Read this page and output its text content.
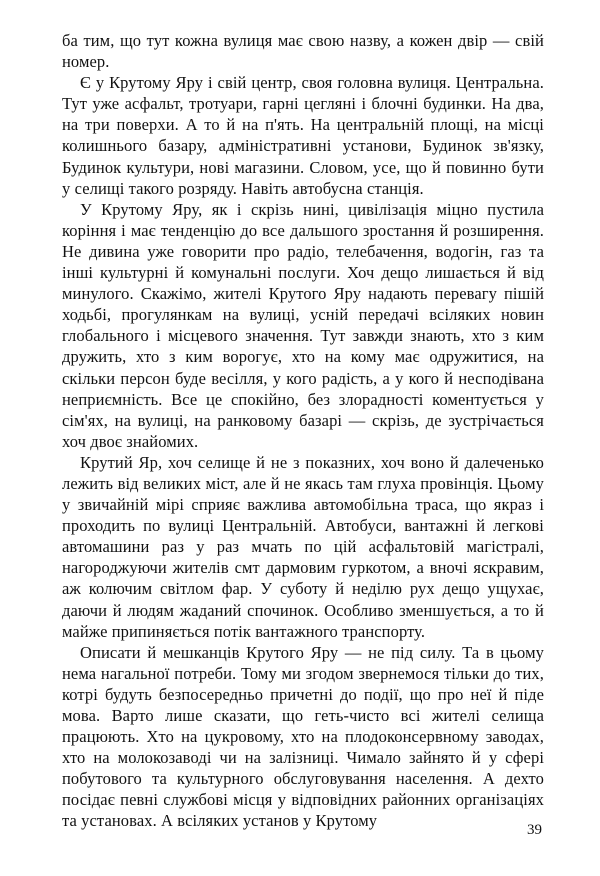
ба тим, що тут кожна вулиця має свою назву, а кожен двір — свій номер.

Є у Крутому Яру і свій центр, своя головна вулиця. Центральна. Тут уже асфальт, тротуари, гарні цегляні і блочні будинки. На два, на три поверхи. А то й на п'ять. На центральній площі, на місці колишнього базару, адміністративні установи, Будинок зв'язку, Будинок культури, нові магазини. Словом, усе, що й повинно бути у селищі такого розряду. Навіть автобусна станція.

У Крутому Яру, як і скрізь нині, цивілізація міцно пустила коріння і має тенденцію до все дальшого зростання й розширення. Не дивина уже говорити про радіо, телебачення, водогін, газ та інші культурні й комунальні послуги. Хоч дещо лишається й від минулого. Скажімо, жителі Крутого Яру надають перевагу пішій ходьбі, прогулянкам на вулиці, усній передачі всіляких новин глобального і місцевого значення. Тут завжди знають, хто з ким дружить, хто з ким ворогує, хто на кому має одружитися, на скільки персон буде весілля, у кого радість, а у кого й несподівана неприємність. Все це спокійно, без злорадності коментується у сім'ях, на вулиці, на ранковому базарі — скрізь, де зустрічається хоч двоє знайомих.

Крутий Яр, хоч селище й не з показних, хоч воно й далеченько лежить від великих міст, але й не якась там глуха провінція. Цьому у звичайній мірі сприяє важлива автомобільна траса, що якраз і проходить по вулиці Центральній. Автобуси, вантажні й легкові автомашини раз у раз мчать по цій асфальтовій магістралі, нагороджуючи жителів смт дармовим гуркотом, а вночі яскравим, аж колючим світлом фар. У суботу й неділю рух дещо ущухає, даючи й людям жаданий спочинок. Особливо зменшується, а то й майже припиняється потік вантажного транспорту.

Описати й мешканців Крутого Яру — не під силу. Та в цьому нема нагальної потреби. Тому ми згодом звернемося тільки до тих, котрі будуть безпосередньо причетні до події, що про неї й піде мова. Варто лише сказати, що геть-чисто всі жителі селища працюють. Хто на цукровому, хто на плодоконсервному заводах, хто на молокозаводі чи на залізниці. Чимало зайнято й у сфері побутового та культурного обслуговування населення. А дехто посідає певні службові місця у відповідних районних організаціях та установах. А всіляких установ у Крутому	39
